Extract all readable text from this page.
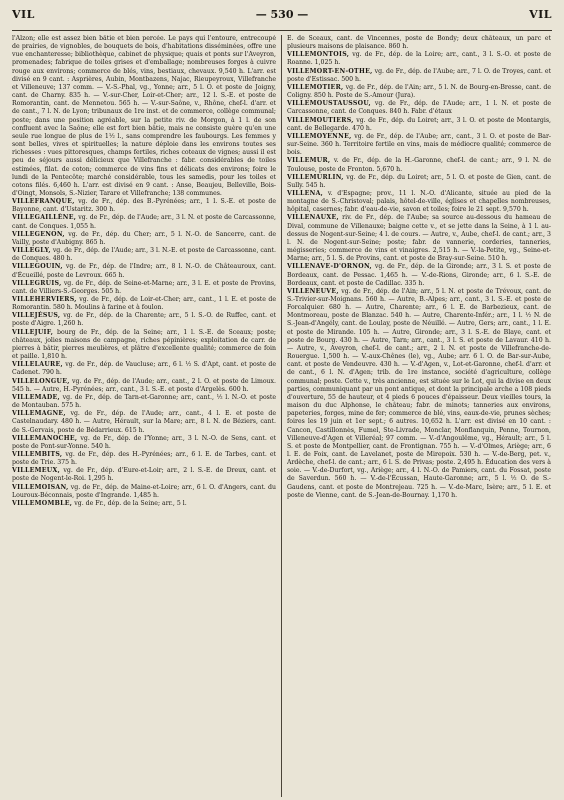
VIL	— 530 —	VIL

l'Alzon; elle est assez bien bâtie et bien percée. Le pays qui l'entoure, entrecoupé de prairies, de vignobles, de bouquets de bois, d'habitations disséminées, offre une vue enchanteresse; bibliothèque, cabinet de physique; quais et ponts sur l'Aveyron, promenades; fabrique de toiles grises et d'emballage; nombreuses forges à cuivre rouge aux environs; commerce de blés, vins, bestiaux, chevaux. 9,540 h. L'arr. est divisé en 9 cant. : Asprières, Aubin, Montbazens, Najac, Rieupeyroux, Villefranche et Villeneuve; 137 comm. — V.-S.-Phal, vg., Yonne; arr., 5 l. O. et poste de Joigny, cant. de Charny. 835 h. — V.-sur-Cher, Loir-et-Cher; arr., 12 l. S.-E. et poste de Romorantin, cant. de Mennetou. 565 h. — V.-sur-Saône, v., Rhône, chef-l. d'arr. et de cant., 7 l. N. de Lyon; tribunaux de 1re inst. et de commerce, collège communal; poste; dans une position agréable, sur la petite riv. de Morgon, à 1 l. de son confluent avec la Saône; elle est fort bien bâtie, mais ne consiste guère qu'en une seule rue longue de plus de 1½ l., sans comprendre les faubourgs. Les femmes y sont belles, vives et spirituelles; la nature déploie dans les environs toutes ses richesses : vues pittoresques, champs fertiles, riches coteaux de vignes; aussi il est peu de séjours aussi délicieux que Villefranche : fabr. considérables de toiles estimées, filat. de coton; commerce de vins fins et délicats des environs; foire le lundi de la Pentecôte; marché considérable, tous les samedis, pour les toiles et cotons filés. 6,460 h. L'arr. est divisé en 9 cant. : Anse, Beaujeu, Belleville, Bois-d'Oingt, Monsols, S.-Nizier, Tarare et Villefranche; 138 communes.

VILLEFRANQUE, vg. de Fr., dép. des B.-Pyrénées; arr., 1 l. S.-E. et poste de Bayonne, cant. d'Ustaritz. 300 h.

VILLEGAILLÈNE, vg. de Fr., dép. de l'Aude; arr., 3 l. N. et poste de Carcassonne, cant. de Conques. 1,055 h.

VILLEGENON, vg. de Fr., dép. du Cher; arr., 5 l. N.-O. de Sancerre, cant. de Vailly, poste d'Aubigny. 865 h.

VILLEGLY, vg. de Fr., dép. de l'Aude; arr., 3 l. N.-E. et poste de Carcassonne, cant. de Conques. 480 h.

VILLEGOUIN, vg. de Fr., dép. de l'Indre; arr., 8 l. N.-O. de Châteauroux, cant. d'Écueillé, poste de Levroux. 665 h.

VILLEGRUIS, vg. de Fr., dép. de Seine-et-Marne; arr., 3 l. E. et poste de Provins, cant. de Villiers-S.-Georges. 505 h.

VILLEHERVIERS, vg. de Fr., dép. de Loir-et-Cher; arr., cant., 1 l. E. et poste de Romorantin. 580 h. Moulins à farine et à foulon.

VILLEJÉSUS, vg. de Fr., dép. de la Charente; arr., 5 l. S.-O. de Ruffec, cant. et poste d'Aigre. 1,260 h.

VILLEJUIF, bourg de Fr., dép. de la Seine; arr., 1 l. S.-E. de Sceaux; poste; châteaux, jolies maisons de campagne, riches pépinières; exploitation de carr. de pierres à bâtir, pierres meulières, et plâtre d'excellente qualité; commerce de foin et paille. 1,810 h.

VILLELAURE, vg. de Fr., dép. de Vaucluse; arr., 6 l. ½ S. d'Apt, cant. et poste de Cadenet. 790 h.

VILLELONGUE, vg. de Fr., dép. de l'Aude; arr., cant., 2 l. O. et poste de Limoux. 545 h. — Autre, H.-Pyrénées; arr., cant., 3 l. S.-E. et poste d'Argelès. 600 h.

VILLEMADE, vg. de Fr., dép. de Tarn-et-Garonne; arr., cant., ½ l. N.-O. et poste de Montauban. 575 h.

VILLEMAGNE, vg. de Fr., dép. de l'Aude; arr., cant., 4 l. E. et poste de Castelnaudary. 480 h. — Autre, Hérault, sur la Mare; arr., 8 l. N. de Béziers, cant. de S.-Gervais, poste de Bédarrieux. 615 h.

VILLEMANOCHE, vg. de Fr., dép. de l'Yonne; arr., 3 l. N.-O. de Sens, cant. et poste de Pont-sur-Yonne. 540 h.

VILLEMBITS, vg. de Fr., dép. des H.-Pyrénées; arr., 6 l. E. de Tarbes, cant. et poste de Trie. 375 h.

VILLEMEUX, vg. de Fr., dép. d'Eure-et-Loir; arr., 2 l. S.-E. de Dreux, cant. et poste de Nogent-le-Roi. 1,295 h.

VILLEMOISAN, vg. de Fr., dép. de Maine-et-Loire; arr., 6 l. O. d'Angers, cant. du Louroux-Béconnais, poste d'Ingrande. 1,485 h.

VILLEMOMBLE, vg. de Fr., dép. de la Seine; arr., 5 l.

E. de Sceaux, cant. de Vincennes, poste de Bondy; deux châteaux, un parc et plusieurs maisons de plaisance. 860 h.

VILLEMONTOIS, vg. de Fr., dép. de la Loire; arr., cant., 3 l. S.-O. et poste de Roanne. 1,025 h.

VILLEMORT-EN-OTHE, vg. de Fr., dép. de l'Aube; arr., 7 l. O. de Troyes, cant. et poste d'Estissac. 500 h.

VILLEMOTIER, vg. de Fr., dép. de l'Ain; arr., 5 l. N. de Bourg-en-Bresse, cant. de Coligny. 850 h. Poste de S.-Amour (Jura).

VILLEMOUSTAUSSOU, vg. de Fr., dép. de l'Aude; arr., 1 l. N. et poste de Carcassonne, cant. de Conques. 840 h. Fabr. d'étaux

VILLEMOUTIERS, vg. de Fr., dép. du Loiret; arr., 3 l. O. et poste de Montargis, cant. de Bellegarde. 470 h.

VILLEMOYENNE, vg. de Fr., dép. de l'Aube; arr., cant., 3 l. O. et poste de Bar-sur-Seine. 360 h. Territoire fertile en vins, mais de médiocre qualité; commerce de bois.

VILLEMUR, v. de Fr., dép. de la H.-Garonne, chef-l. de cant.; arr., 9 l. N. de Toulouse, poste de Fronton. 5,670 h.

VILLEMURLIN, vg. de Fr., dép. du Loiret; arr., 5 l. O. et poste de Gien, cant. de Sully. 545 h.

VILLENA, v. d'Espagne; prov., 11 l. N.-O. d'Alicante, située au pied de la montagne de S.-Christoval; palais, hôtel-de-ville, églises et chapelles nombreuses, hôpital, casernes; fabr. d'eau-de-vie, savon et toiles; foire le 21 sept. 9,570 h.

VILLENAUXE, riv. de Fr., dép. de l'Aube; sa source au-dessous du hameau de Dival, commune de Villenauxe; baigne cette v., et se jette dans la Seine, à 1 l. au-dessus de Nogent-sur-Seine; 4 l. de cours. — Autre, v., Aube, chef-l. de cant.; arr., 3 l. N. de Nogent-sur-Seine; poste; fabr. de vannerie, corderies, tanneries, mégisseries; commerce de vins et vinaigres. 2,515 h. — V.-la-Petite, vg., Seine-et-Marne; arr., 5 l. S. de Provins, cant. et poste de Bray-sur-Seine. 510 h.

VILLENAVE-D'ORNON, vg. de Fr., dép. de la Gironde; arr., 3 l. S. et poste de Bordeaux, cant. de Pessac. 1,465 h. — V.-de-Rions, Gironde; arr., 6 l. S.-E. de Bordeaux, cant. et poste de Cadillac. 335 h.

VILLENEUVE, vg. de Fr., dép. de l'Ain; arr., 5 l. N. et poste de Trévoux, cant. de S.-Trivier-sur-Moignans. 560 h. — Autre, B.-Alpes; arr., cant., 3 l. S.-E. et poste de Forcalquier. 680 h. — Autre, Charente; arr., 6 l. E. de Barbezieux, cant. de Montmoreau, poste de Blanzac. 540 h. — Autre, Charente-Infér.; arr., 1 l. ½ N. de S.-Jean-d'Angély, cant. de Loulay, poste de Néuillé. — Autre, Gers; arr., cant., 1 l. E. et poste de Mirande. 105 h. — Autre, Gironde; arr., 3 l. S.-E. de Blaye, cant. et poste de Bourg. 430 h. — Autre, Tarn; arr., cant., 3 l. S. et poste de Lavaur. 410 h. — Autre, v., Aveyron, chef-l. de cant.; arr., 2 l. N. et poste de Villefranche-de-Rouergue. 1,500 h. — V.-aux-Chênes (le), vg., Aube; arr. 6 l. O. de Bar-sur-Aube, cant. et poste de Vendeuvre. 430 h. — V.-d'Agen, v., Lot-et-Garonne, chef-l. d'arr. et de cant., 6 l. N. d'Agen; trib. de 1re instance, société d'agriculture, collège communal; poste. Cette v., très ancienne, est située sur le Lot, qui la divise en deux parties, communiquant par un pont antique, et dont la principale arche a 108 pieds d'ouverture, 55 de hauteur, et 4 pieds 6 pouces d'épaisseur. Deux vieilles tours, la maison du duc Alphonse, le château; fabr. de minots; tanneries aux environs, papeteries, forges, mine de fer; commerce de blé, vins, eaux-de-vie, prunes sèches; foires les 19 juin et 1er sept.; 6 autres. 10,652 h. L'arr. est divisé en 10 cant. : Cancon, Castillonnès, Fumel, Ste-Livrade, Monclar, Monflanquin, Penne, Tournon, Villeneuve-d'Agen et Villeréal; 97 comm. — V.-d'Angoulême, vg., Hérault; arr., 5 l. S. et poste de Montpellier, cant. de Frontignan. 755 h. — V.-d'Olmes, Ariège; arr., 6 l. E. de Foix, cant. de Lavelanet, poste de Mirepoix. 530 h. — V.-de-Berg, pet. v., Ardèche, chef-l. de cant.; arr., 6 l. S. de Privas; poste. 2,495 h. Éducation des vers à soie. — V.-de-Durfort, vg., Ariège; arr., 4 l. N.-O. de Pamiers, cant. du Fossat, poste de Saverdun. 560 h. — V.-de-l'Écussan, Haute-Garonne; arr., 5 l. ½ O. de S.-Gaudens, cant. et poste de Montrejeau. 725 h. — V.-de-Marc, Isère; arr., 5 l. E. et poste de Vienne, cant. de S.-Jean-de-Bournay. 1,170 h.
